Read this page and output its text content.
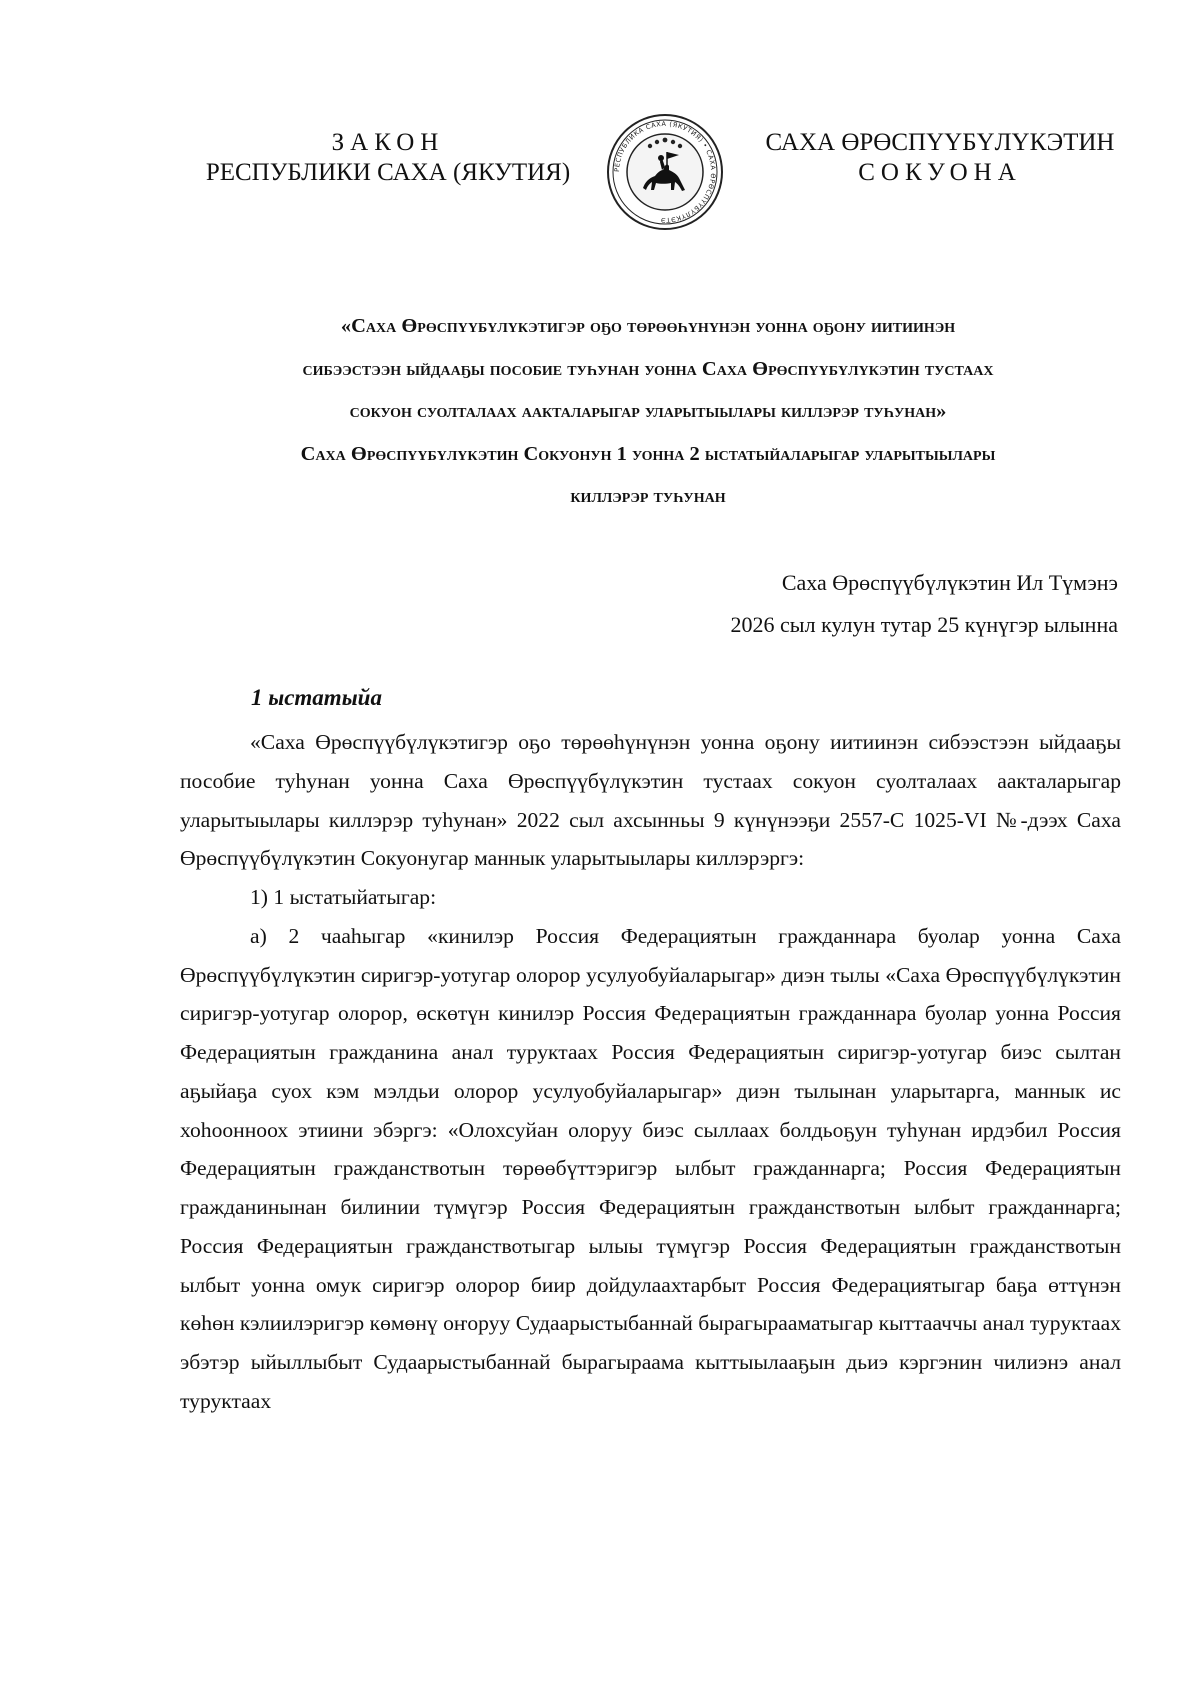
ЗАКОН
РЕСПУБЛИКИ САХА (ЯКУТИЯ)	РЕСПУБЛИКА САХА (ЯКУТИЯ) • САХА ӨРӨСПҮҮБҮЛҮКЭТЭ
САХА ӨРӨСПҮҮБҮЛҮКЭТИН
СОКУОНА
«Саха Өрөспүүбүлүкэтигэр оҕо төрөөһүнүнэн уонна оҕону иитиинэн
сибээстээн ыйдааҕы пособие туһунан уонна Саха Өрөспүүбүлүкэтин тустаах
сокуон суолталаах аакталарыгар уларытыылары киллэрэр туһунан»
Саха Өрөспүүбүлүкэтин Сокуонун 1 уонна 2 ыстатыйаларыгар уларытыылары
киллэрэр туһунан
Саха Өрөспүүбүлүкэтин Ил Түмэнэ
2026 сыл кулун тутар 25 күнүгэр ылынна
1 ыстатыйа

«Саха Өрөспүүбүлүкэтигэр оҕо төрөөһүнүнэн уонна оҕону иитиинэн сибээстээн ыйдааҕы пособие туһунан уонна Саха Өрөспүүбүлүкэтин тустаах сокуон суолталаах аакталарыгар уларытыылары киллэрэр туһунан» 2022 сыл ахсынньы 9 күнүнээҕи 2557-С 1025-VI №-дээх Саха Өрөспүүбүлүкэтин Сокуонугар маннык уларытыылары киллэрэргэ:

1) 1 ыстатыйатыгар:

а) 2 чааһыгар «кинилэр Россия Федерациятын гражданнара буолар уонна Саха Өрөспүүбүлүкэтин сиригэр-уотугар олорор усулуобуйаларыгар» диэн тылы «Саха Өрөспүүбүлүкэтин сиригэр-уотугар олорор, өскөтүн кинилэр Россия Федерациятын гражданнара буолар уонна Россия Федерациятын гражданина анал туруктаах Россия Федерациятын сиригэр-уотугар биэс сылтан аҕыйаҕа суох кэм мэлдьи олорор усулуобуйаларыгар» диэн тылынан уларытарга, маннык ис хоһоонноох этиини эбэргэ: «Олохсуйан олоруу биэс сыллаах болдьоҕун туһунан ирдэбил Россия Федерациятын гражданствотын төрөөбүттэригэр ылбыт гражданнарга; Россия Федерациятын гражданинынан билинии түмүгэр Россия Федерациятын гражданствотын ылбыт гражданнарга; Россия Федерациятын гражданствотыгар ылыы түмүгэр Россия Федерациятын гражданствотын ылбыт уонна омук сиригэр олорор биир дойдулаахтарбыт Россия Федерациятыгар баҕа өттүнэн көһөн кэлиилэригэр көмөнү оҥоруу Судаарыстыбаннай бырагырааматыгар кыттааччы анал туруктаах эбэтэр ыйыллыбыт Судаарыстыбаннай бырагыраама кыттыылааҕын дьиэ кэргэнин чилиэнэ анал туруктаах
